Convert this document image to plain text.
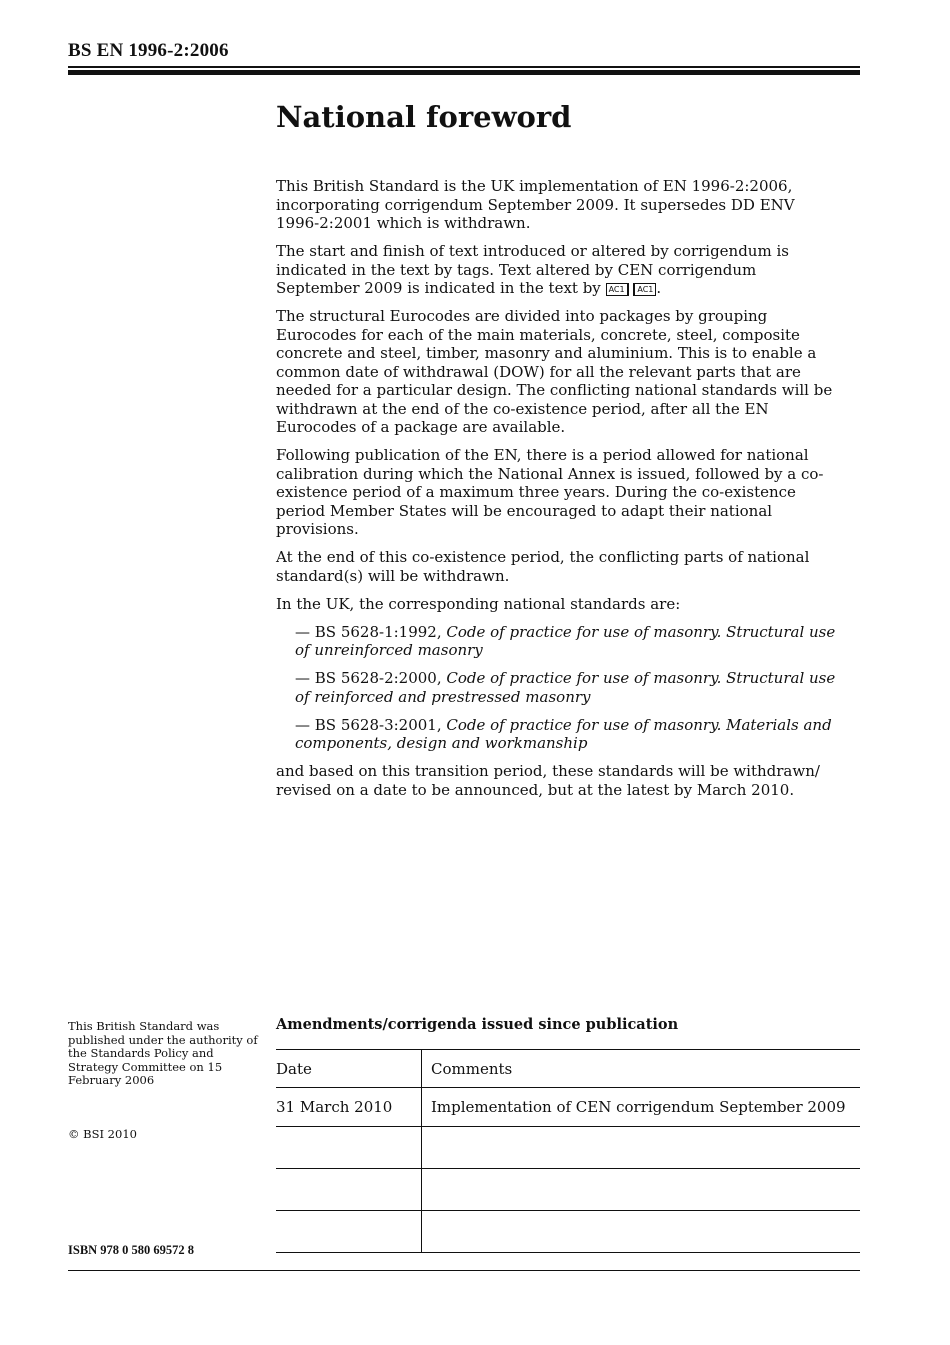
BS EN 1996-2:2006
National foreword

This British Standard is the UK implementation of EN 1996-2:2006, incorporating corrigendum September 2009. It supersedes DD ENV 1996-2:2001 which is withdrawn.

The start and finish of text introduced or altered by corrigendum is indicated in the text by tags. Text altered by CEN corrigendum September 2009 is indicated in the text by AC1 AC1 .

The structural Eurocodes are divided into packages by grouping Eurocodes for each of the main materials, concrete, steel, composite concrete and steel, timber, masonry and aluminium. This is to enable a common date of withdrawal (DOW) for all the relevant parts that are needed for a particular design. The conflicting national standards will be withdrawn at the end of the co-existence period, after all the EN Eurocodes of a package are available.

Following publication of the EN, there is a period allowed for national calibration during which the National Annex is issued, followed by a co-existence period of a maximum three years. During the co-existence period Member States will be encouraged to adapt their national provisions.

At the end of this co-existence period, the conflicting parts of national standard(s) will be withdrawn.

In the UK, the corresponding national standards are:

— BS 5628-1:1992, Code of practice for use of masonry. Structural use of unreinforced masonry

— BS 5628-2:2000, Code of practice for use of masonry. Structural use of reinforced and prestressed masonry

— BS 5628-3:2001, Code of practice for use of masonry. Materials and components, design and workmanship

and based on this transition period, these standards will be withdrawn/ revised on a date to be announced, but at the latest by March 2010.

This British Standard was published under the authority of the Standards Policy and Strategy Committee on 15 February 2006

© BSI 2010

ISBN 978 0 580 69572 8

Amendments/corrigenda issued since publication

Date	Comments
31 March 2010	Implementation of CEN corrigendum September 2009
